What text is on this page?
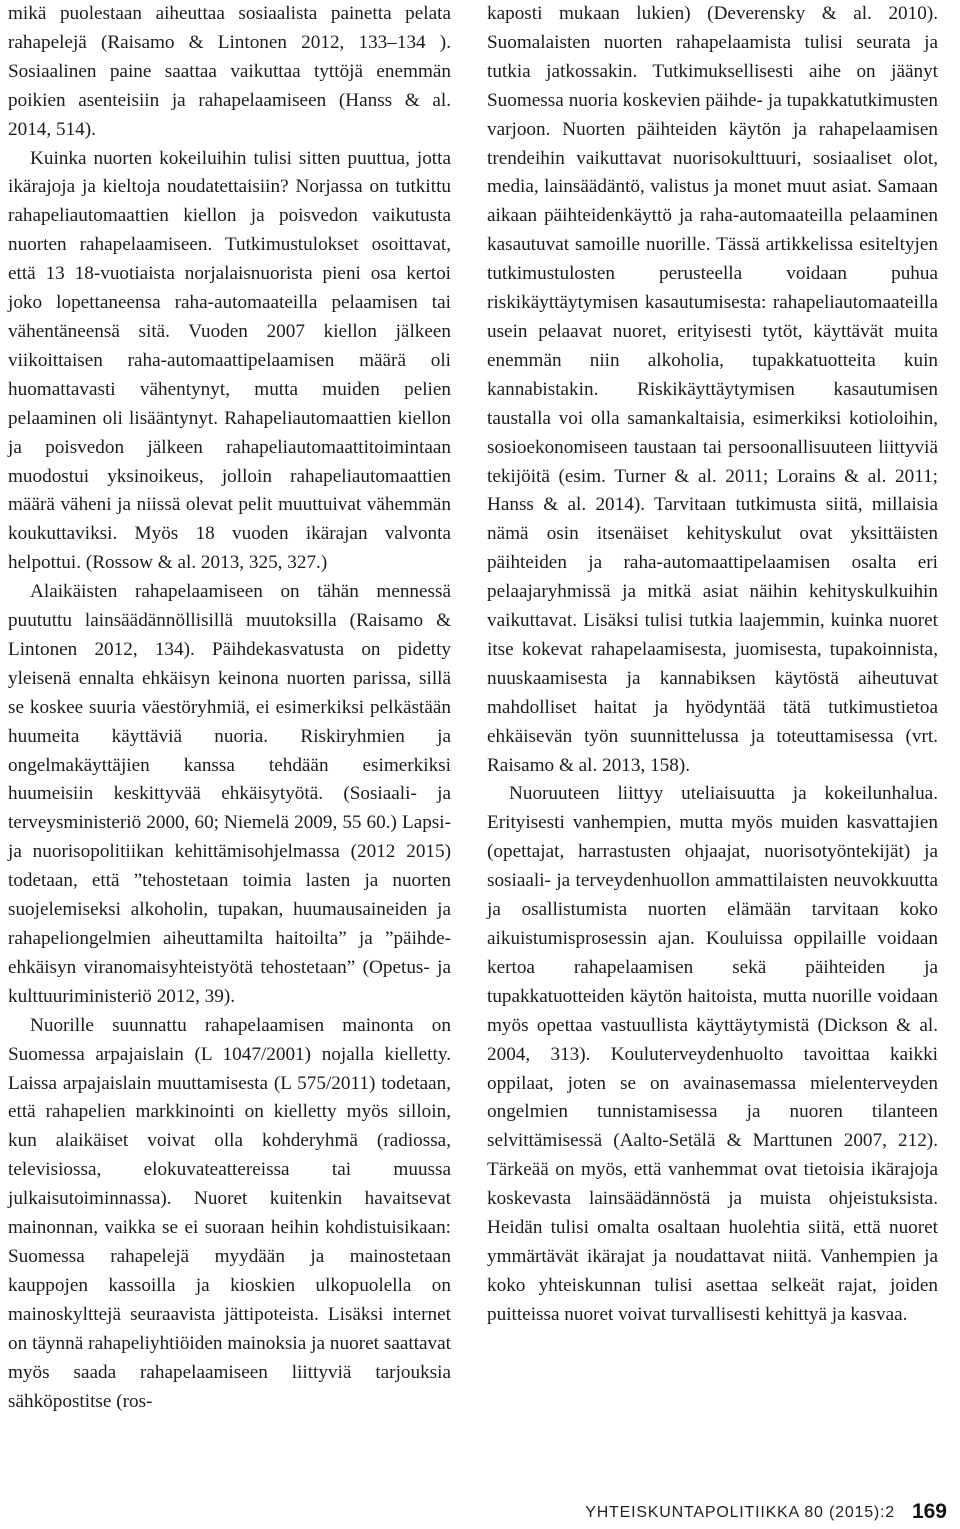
mikä puolestaan aiheuttaa sosiaalista painetta pelata rahapelejä (Raisamo & Lintonen 2012, 133–134 ). Sosiaalinen paine saattaa vaikuttaa tyttöjä enemmän poikien asenteisiin ja rahapelaamiseen (Hanss & al. 2014, 514).

Kuinka nuorten kokeiluihin tulisi sitten puuttua, jotta ikärajoja ja kieltoja noudatettaisiin? Norjassa on tutkittu rahapeliautomaattien kiellon ja poisvedon vaikutusta nuorten rahapelaamiseen. Tutkimustulokset osoittavat, että 13 18-vuotiaista norjalaisnuorista pieni osa kertoi joko lopettaneensa raha-automaateilla pelaamisen tai vähentäneensä sitä. Vuoden 2007 kiellon jälkeen viikoittaisen raha-automaattipelaamisen määrä oli huomattavasti vähentynyt, mutta muiden pelien pelaaminen oli lisääntynyt. Rahapeliautomaattien kiellon ja poisvedon jälkeen rahapeliautomaattitoimintaan muodostui yksinoikeus, jolloin rahapeliautomaattien määrä väheni ja niissä olevat pelit muuttuivat vähemmän koukuttaviksi. Myös 18 vuoden ikärajan valvonta helpottui. (Rossow & al. 2013, 325, 327.)

Alaikäisten rahapelaamiseen on tähän mennessä puututtu lainsäädännöllisillä muutoksilla (Raisamo & Lintonen 2012, 134). Päihdekasvatusta on pidetty yleisenä ennalta ehkäisyn keinona nuorten parissa, sillä se koskee suuria väestöryhmiä, ei esimerkiksi pelkästään huumeita käyttäviä nuoria. Riskiryhmien ja ongelmakäyttäjien kanssa tehdään esimerkiksi huumeisiin keskittyvää ehkäisytyötä. (Sosiaali- ja terveysministeriö 2000, 60; Niemelä 2009, 55 60.) Lapsi- ja nuorisopolitiikan kehittämisohjelmassa (2012 2015) todetaan, että ”tehostetaan toimia lasten ja nuorten suojelemiseksi alkoholin, tupakan, huumausaineiden ja rahapeliongelmien aiheuttamilta haitoilta” ja ”päihde-ehkäisyn viranomaisyhteistyötä tehostetaan” (Opetus- ja kulttuuriministeriö 2012, 39).

Nuorille suunnattu rahapelaamisen mainonta on Suomessa arpajaislain (L 1047/2001) nojalla kielletty. Laissa arpajaislain muuttamisesta (L 575/2011) todetaan, että rahapelien markkinointi on kielletty myös silloin, kun alaikäiset voivat olla kohderyhmä (radiossa, televisiossa, elokuvateattereissa tai muussa julkaisutoiminnassa). Nuoret kuitenkin havaitsevat mainonnan, vaikka se ei suoraan heihin kohdistuisikaan: Suomessa rahapelejä myydään ja mainostetaan kauppojen kassoilla ja kioskien ulkopuolella on mainoskylttejä seuraavista jättipoteista. Lisäksi internet on täynnä rahapeliyhtiöiden mainoksia ja nuoret saattavat myös saada rahapelaamiseen liittyviä tarjouksia sähköpostitse (ros-

kaposti mukaan lukien) (Deverensky & al. 2010). Suomalaisten nuorten rahapelaamista tulisi seurata ja tutkia jatkossakin. Tutkimuksellisesti aihe on jäänyt Suomessa nuoria koskevien päihde- ja tupakkatutkimusten varjoon. Nuorten päihteiden käytön ja rahapelaamisen trendeihin vaikuttavat nuorisokulttuuri, sosiaaliset olot, media, lainsäädäntö, valistus ja monet muut asiat. Samaan aikaan päihteidenkäyttö ja raha-automaateilla pelaaminen kasautuvat samoille nuorille. Tässä artikkelissa esiteltyjen tutkimustulosten perusteella voidaan puhua riskikäyttäytymisen kasautumisesta: rahapeliautomaateilla usein pelaavat nuoret, erityisesti tytöt, käyttävät muita enemmän niin alkoholia, tupakkatuotteita kuin kannabistakin. Riskikäyttäytymisen kasautumisen taustalla voi olla samankaltaisia, esimerkiksi kotioloihin, sosioekonomiseen taustaan tai persoonallisuuteen liittyviä tekijöitä (esim. Turner & al. 2011; Lorains & al. 2011; Hanss & al. 2014). Tarvitaan tutkimusta siitä, millaisia nämä osin itsenäiset kehityskulut ovat yksittäisten päihteiden ja raha-automaattipelaamisen osalta eri pelaajaryhmissä ja mitkä asiat näihin kehityskulkuihin vaikuttavat. Lisäksi tulisi tutkia laajemmin, kuinka nuoret itse kokevat rahapelaamisesta, juomisesta, tupakoinnista, nuuskaamisesta ja kannabiksen käytöstä aiheutuvat mahdolliset haitat ja hyödyntää tätä tutkimustietoa ehkäisevän työn suunnittelussa ja toteuttamisessa (vrt. Raisamo & al. 2013, 158).

Nuoruuteen liittyy uteliaisuutta ja kokeilunhalua. Erityisesti vanhempien, mutta myös muiden kasvattajien (opettajat, harrastusten ohjaajat, nuorisotyöntekijät) ja sosiaali- ja terveydenhuollon ammattilaisten neuvokkuutta ja osallistumista nuorten elämään tarvitaan koko aikuistumisprosessin ajan. Kouluissa oppilaille voidaan kertoa rahapelaamisen sekä päihteiden ja tupakkatuotteiden käytön haitoista, mutta nuorille voidaan myös opettaa vastuullista käyttäytymistä (Dickson & al. 2004, 313). Kouluterveydenhuolto tavoittaa kaikki oppilaat, joten se on avainasemassa mielenterveyden ongelmien tunnistamisessa ja nuoren tilanteen selvittämisessä (Aalto-Setälä & Marttunen 2007, 212). Tärkeää on myös, että vanhemmat ovat tietoisia ikärajoja koskevasta lainsäädännöstä ja muista ohjeistuksista. Heidän tulisi omalta osaltaan huolehtia siitä, että nuoret ymmärtävät ikärajat ja noudattavat niitä. Vanhempien ja koko yhteiskunnan tulisi asettaa selkeät rajat, joiden puitteissa nuoret voivat turvallisesti kehittyä ja kasvaa.

YHTEISKUNTAPOLITIIKKA 80 (2015):2 169
